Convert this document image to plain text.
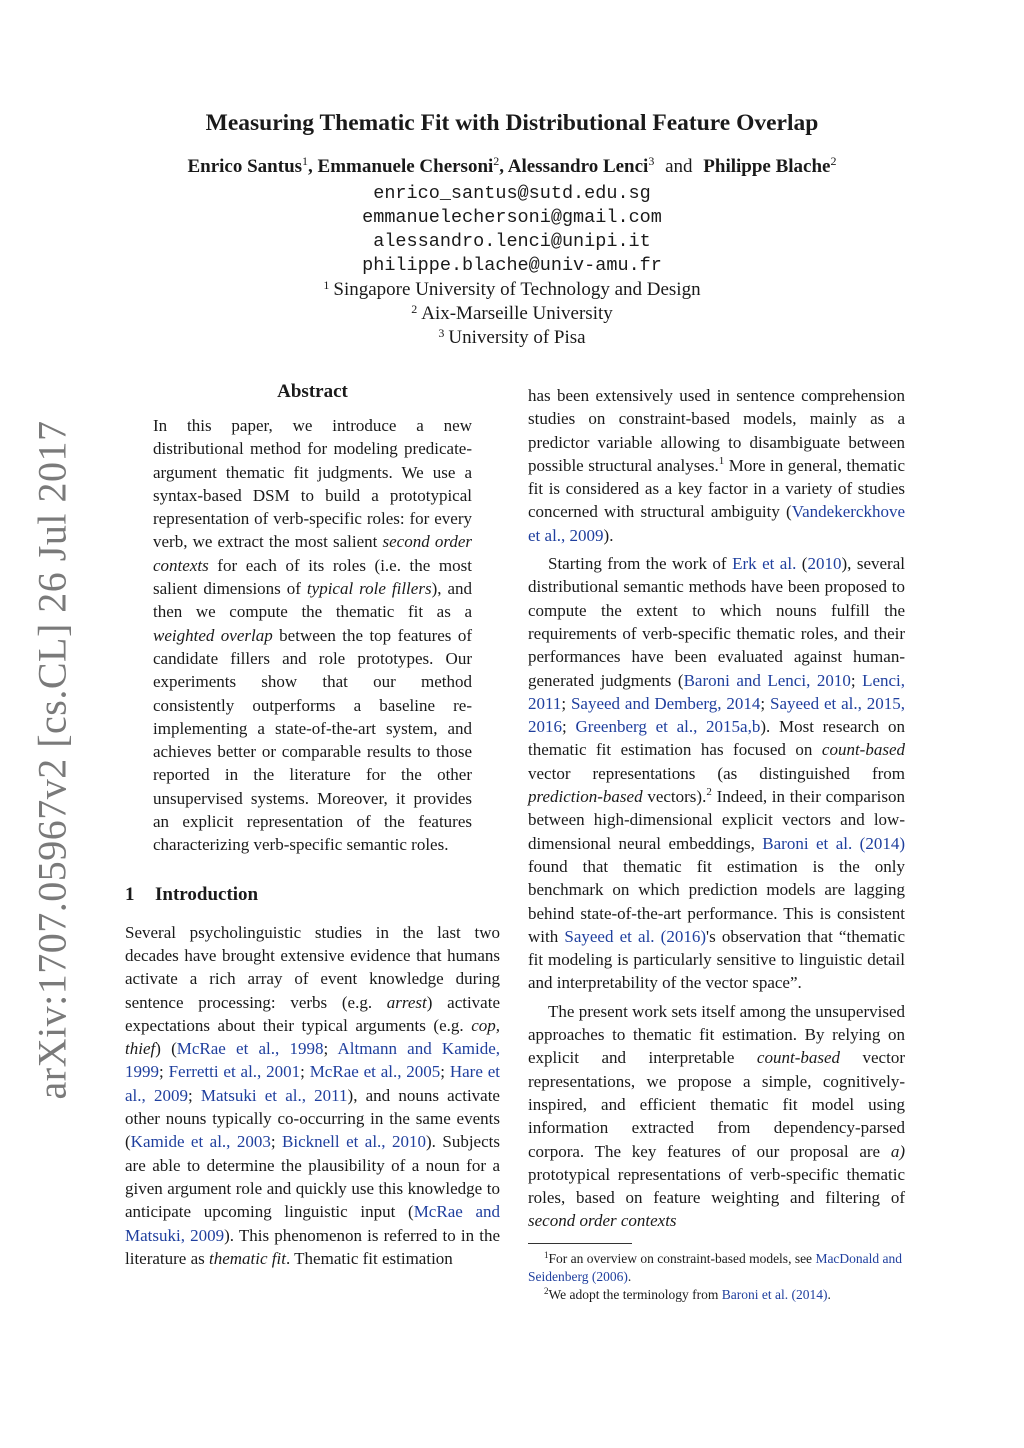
arXiv:1707.05967v2 [cs.CL] 26 Jul 2017
Measuring Thematic Fit with Distributional Feature Overlap
Enrico Santus$^1$, Emmanuele Chersoni$^2$, Alessandro Lenci$^3$ and Philippe Blache$^2$
enrico_santus@sutd.edu.sg
emmanuelechersoni@gmail.com
alessandro.lenci@unipi.it
philippe.blache@univ-amu.fr
$^1$ Singapore University of Technology and Design
$^2$ Aix-Marseille University
$^3$ University of Pisa
Abstract

In this paper, we introduce a new distributional method for modeling predicate-argument thematic fit judgments. We use a syntax-based DSM to build a prototypical representation of verb-specific roles: for every verb, we extract the most salient second order contexts for each of its roles (i.e. the most salient dimensions of typical role fillers), and then we compute the thematic fit as a weighted overlap between the top features of candidate fillers and role prototypes. Our experiments show that our method consistently outperforms a baseline re-implementing a state-of-the-art system, and achieves better or comparable results to those reported in the literature for the other unsupervised systems. Moreover, it provides an explicit representation of the features characterizing verb-specific semantic roles.

1 Introduction

Several psycholinguistic studies in the last two decades have brought extensive evidence that humans activate a rich array of event knowledge during sentence processing: verbs (e.g. arrest) activate expectations about their typical arguments (e.g. cop, thief) (McRae et al., 1998; Altmann and Kamide, 1999; Ferretti et al., 2001; McRae et al., 2005; Hare et al., 2009; Matsuki et al., 2011), and nouns activate other nouns typically co-occurring in the same events (Kamide et al., 2003; Bicknell et al., 2010). Subjects are able to determine the plausibility of a noun for a given argument role and quickly use this knowledge to anticipate upcoming linguistic input (McRae and Matsuki, 2009). This phenomenon is referred to in the literature as thematic fit. Thematic fit estimation

has been extensively used in sentence comprehension studies on constraint-based models, mainly as a predictor variable allowing to disambiguate between possible structural analyses.$^1$ More in general, thematic fit is considered as a key factor in a variety of studies concerned with structural ambiguity (Vandekerckhove et al., 2009).

Starting from the work of Erk et al. (2010), several distributional semantic methods have been proposed to compute the extent to which nouns fulfill the requirements of verb-specific thematic roles, and their performances have been evaluated against human-generated judgments (Baroni and Lenci, 2010; Lenci, 2011; Sayeed and Demberg, 2014; Sayeed et al., 2015, 2016; Greenberg et al., 2015a,b). Most research on thematic fit estimation has focused on count-based vector representations (as distinguished from prediction-based vectors).$^2$ Indeed, in their comparison between high-dimensional explicit vectors and low-dimensional neural embeddings, Baroni et al. (2014) found that thematic fit estimation is the only benchmark on which prediction models are lagging behind state-of-the-art performance. This is consistent with Sayeed et al. (2016)'s observation that “thematic fit modeling is particularly sensitive to linguistic detail and interpretability of the vector space”.

The present work sets itself among the unsupervised approaches to thematic fit estimation. By relying on explicit and interpretable count-based vector representations, we propose a simple, cognitively-inspired, and efficient thematic fit model using information extracted from dependency-parsed corpora. The key features of our proposal are a) prototypical representations of verb-specific thematic roles, based on feature weighting and filtering of second order contexts

$^1$For an overview on constraint-based models, see MacDonald and Seidenberg (2006).

$^2$We adopt the terminology from Baroni et al. (2014).
